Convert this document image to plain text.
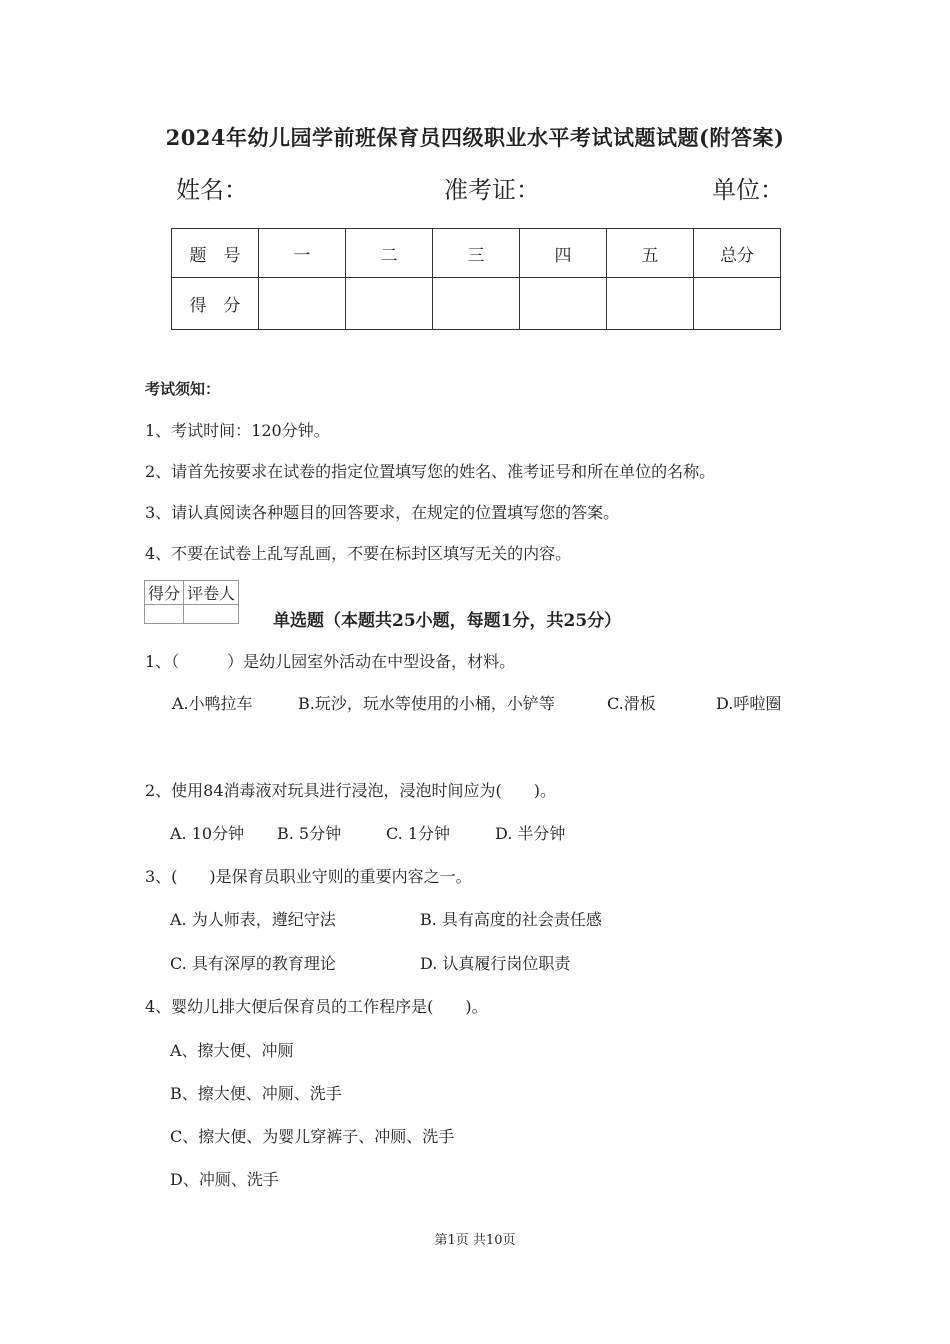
2024年幼儿园学前班保育员四级职业水平考试试题试题(附答案)
姓名：	准考证：	单位：
题　号	一	二	三	四	五	总分
得　分						
考试须知：
1、考试时间：120分钟。
2、请首先按要求在试卷的指定位置填写您的姓名、准考证号和所在单位的名称。
3、请认真阅读各种题目的回答要求，在规定的位置填写您的答案。
4、不要在试卷上乱写乱画，不要在标封区填写无关的内容。
得分	评卷人

单选题（本题共25小题，每题1分，共25分）
1、（　　　）是幼儿园室外活动在中型设备，材料。
A.小鸭拉车	B.玩沙，玩水等使用的小桶，小铲等	C.滑板	D.呼啦圈
2、使用84消毒液对玩具进行浸泡，浸泡时间应为(　　)。
A. 10分钟 B. 5分钟	C. 1分钟	D. 半分钟
3、(　　)是保育员职业守则的重要内容之一。
A. 为人师表，遵纪守法	B. 具有高度的社会责任感
C. 具有深厚的教育理论	D. 认真履行岗位职责
4、婴幼儿排大便后保育员的工作程序是(　　)。
A、擦大便、冲厕
B、擦大便、冲厕、洗手
C、擦大便、为婴儿穿裤子、冲厕、洗手
D、冲厕、洗手
第1页 共10页
